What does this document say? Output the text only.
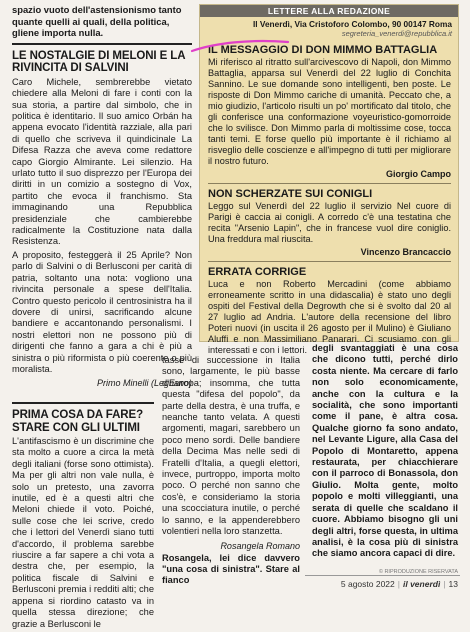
spazio vuoto dell'astensionismo tanto quante quelli ai quali, della politica, gliene importa nulla.

LE NOSTALGIE DI MELONI E LA RIVINCITA DI SALVINI

Caro Michele, sembrerebbe vietato chiedere alla Meloni di fare i conti con la sua storia, a partire dal simbolo, che in politica è identitario. Il suo amico Orbán ha appena evocato l'identità razziale, alla pari di quello che scriveva il quindicinale La Difesa Razza che aveva come redattore capo Giorgio Almirante. Lei silenzio. Ha urlato tutto il suo disprezzo per l'Europa dei diritti in un comizio a sostegno di Vox, partito che evoca il franchismo. Sta immaginando una Repubblica presidenziale che cambierebbe radicalmente la Costituzione nata dalla Resistenza.

A proposito, festeggerà il 25 Aprile? Non parlo di Salvini o di Berlusconi per carità di patria, soltanto una nota: vogliono una rivincita personale a spese dell'Italia. Contro questo pericolo il centrosinistra ha il dovere di unirsi, sacrificando alcune bandiere e accantonando personalismi. I nostri elettori non ne possono più di dirigenti che fanno a gara a chi è più a sinistra o più riformista o più coerente o più moralista.

Primo Minelli (Legnano)
LETTERE ALLA REDAZIONE
Il Venerdì, Via Cristoforo Colombo, 90 00147 Roma
segreteria_venerdi@repubblica.it
IL MESSAGGIO DI DON MIMMO BATTAGLIA

Mi riferisco al ritratto sull'arcivescovo di Napoli, don Mimmo Battaglia, apparsa sul Venerdì del 22 luglio di Conchita Sannino. Le sue domande sono intelligenti, ben poste. Le risposte di Don Mimmo cariche di umanità. Peccato che, a mio giudizio, l'articolo risulti un po' mortificato dal titolo, che gli conferisce una conformazione voyeuristico-gomorroide che lo svilisce. Don Mimmo parla di moltissime cose, tocca tanti temi. E forse quello più importante è il richiamo al risveglio delle coscienze e all'impegno di tutti per migliorare il nostro futuro.

Giorgio Campo
NON SCHERZATE SUI CONIGLI

Leggo sul Venerdì del 22 luglio il servizio Nel cuore di Parigi è caccia ai conigli. A corredo c'è una testatina che recita "Arsenio Lapin", che in francese vuol dire coniglio. Una freddura mal riuscita.

Vincenzo Brancaccio
ERRATA CORRIGE

Luca e non Roberto Mercadini (come abbiamo erroneamente scritto in una didascalia) è stato uno degli ospiti del Festival della Degrowth che si è svolto dal 20 al 27 luglio ad Andria. L'autore della recensione del libro Poteri nuovi (in uscita il 26 agosto per il Mulino) è Giuliano Aluffi e non Massimiliano Panarari. Ci scusiamo con gli interessati e con i lettori.

PRIMA COSA DA FARE? STARE CON GLI ULTIMI

L'antifascismo è un discrimine che sta molto a cuore a circa la metà degli italiani (forse sono ottimista). Ma per gli altri non vale nulla, è solo un pretesto, una zavorra inutile, ed è a questi altri che Meloni chiede il voto. Poiché, sulle cose che lei scrive, credo che i lettori del Venerdì siano tutti d'accordo, il problema sarebbe riuscire a far sapere a chi vota a destra che, per esempio, la politica fiscale di Salvini e Berlusconi premia i redditi alti; che appena si riordino catasto va in quella stessa direzione; che grazie a Berlusconi le

tasse di successione in Italia sono, largamente, le più basse d'Europa; insomma, che tutta questa "difesa del popolo", da parte della destra, è una truffa, e neanche tanto velata. A questi argomenti, magari, sarebbero un poco meno sordi. Delle bandiere della Decima Mas nelle sedi di Fratelli d'Italia, a quegli elettori, invece, purtroppo, importa molto poco. O perché non sanno che cos'è, e consideriamo la storia una scocciatura inutile, o perché lo sanno, e la appenderebbero volentieri nella loro stanzetta.

Rosangela Romano

Rosangela, lei dice davvero "una cosa di sinistra". Stare al fianco

degli svantaggiati è una cosa che dicono tutti, perché dirlo costa niente. Ma cercare di farlo non solo economicamente, anche con la cultura e la socialità, che sono importanti come il pane, è altra cosa. Qualche giorno fa sono andato, nel Levante Ligure, alla Casa del Popolo di Montaretto, appena restaurata, per chiacchierare con il parroco di Bonassola, don Giulio. Molta gente, molto popolo e molti villeggianti, una serata di quelle che scaldano il cuore. Abbiamo bisogno gli uni degli altri, forse questa, in ultima analisi, è la cosa più di sinistra che siamo ancora capaci di dire.

© RIPRODUZIONE RISERVATA
5 agosto 2022 | il venerdì | 13
